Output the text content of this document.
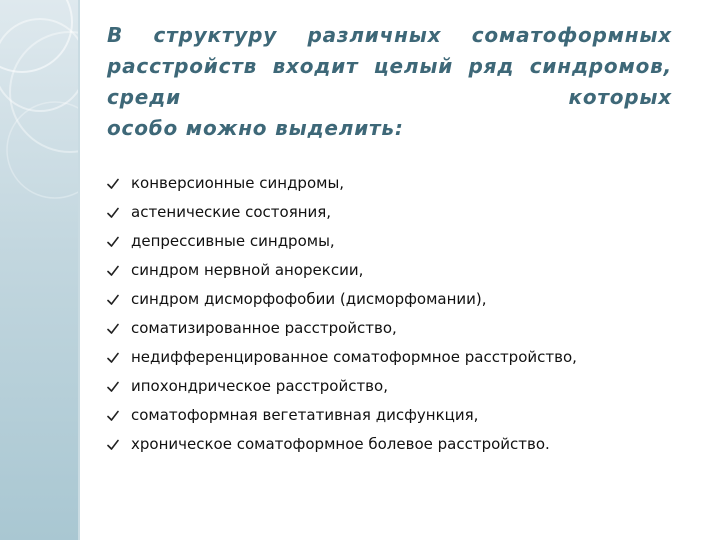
В структуру различных соматоформных расстройств входит целый ряд синдромов, среди которых
особо можно выделить:
конверсионные синдромы,
астенические состояния,
депрессивные синдромы,
синдром нервной анорексии,
синдром дисморфофобии (дисморфомании),
соматизированное расстройство,
недифференцированное соматоформное расстройство,
ипохондрическое расстройство,
соматоформная вегетативная дисфункция,
хроническое соматоформное болевое расстройство.
